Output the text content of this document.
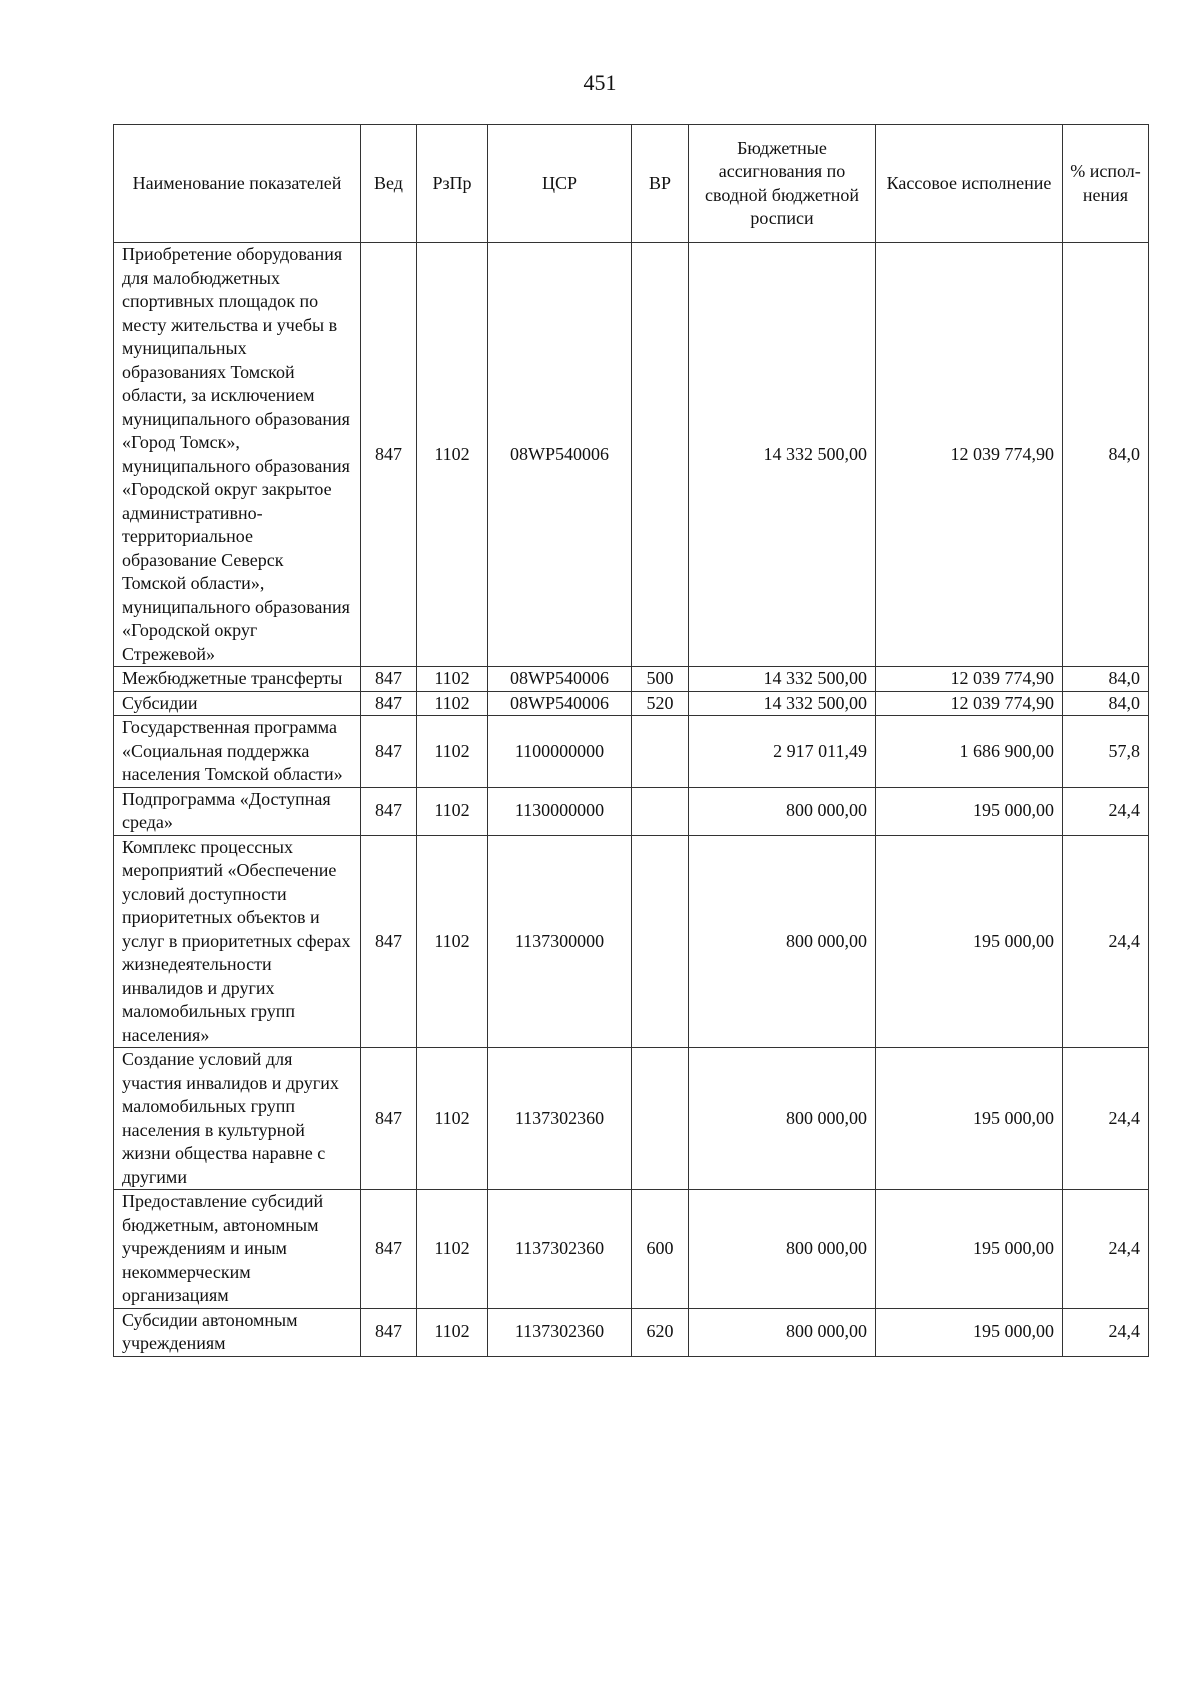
451
Наименование показателей	Вед	РзПр	ЦСР	ВР	Бюджетные ассигнования по сводной бюджетной росписи	Кассовое исполнение	% испол-нения
Приобретение оборудования для малобюджетных спортивных площадок по месту жительства и учебы в муниципальных образованиях Томской области, за исключением муниципального образования «Город Томск», муниципального образования «Городской округ закрытое административно-территориальное образование Северск Томской области», муниципального образования «Городской округ Стрежевой»	847	1102	08WP540006		14 332 500,00	12 039 774,90	84,0
Межбюджетные трансферты	847	1102	08WP540006	500	14 332 500,00	12 039 774,90	84,0
Субсидии	847	1102	08WP540006	520	14 332 500,00	12 039 774,90	84,0
Государственная программа «Социальная поддержка населения Томской области»	847	1102	1100000000		2 917 011,49	1 686 900,00	57,8
Подпрограмма «Доступная среда»	847	1102	1130000000		800 000,00	195 000,00	24,4
Комплекс процессных мероприятий «Обеспечение условий доступности приоритетных объектов и услуг в приоритетных сферах жизнедеятельности инвалидов и других маломобильных групп населения»	847	1102	1137300000		800 000,00	195 000,00	24,4
Создание условий для участия инвалидов и других маломобильных групп населения в культурной жизни общества наравне с другими	847	1102	1137302360		800 000,00	195 000,00	24,4
Предоставление субсидий бюджетным, автономным учреждениям и иным некоммерческим организациям	847	1102	1137302360	600	800 000,00	195 000,00	24,4
Субсидии автономным учреждениям	847	1102	1137302360	620	800 000,00	195 000,00	24,4
